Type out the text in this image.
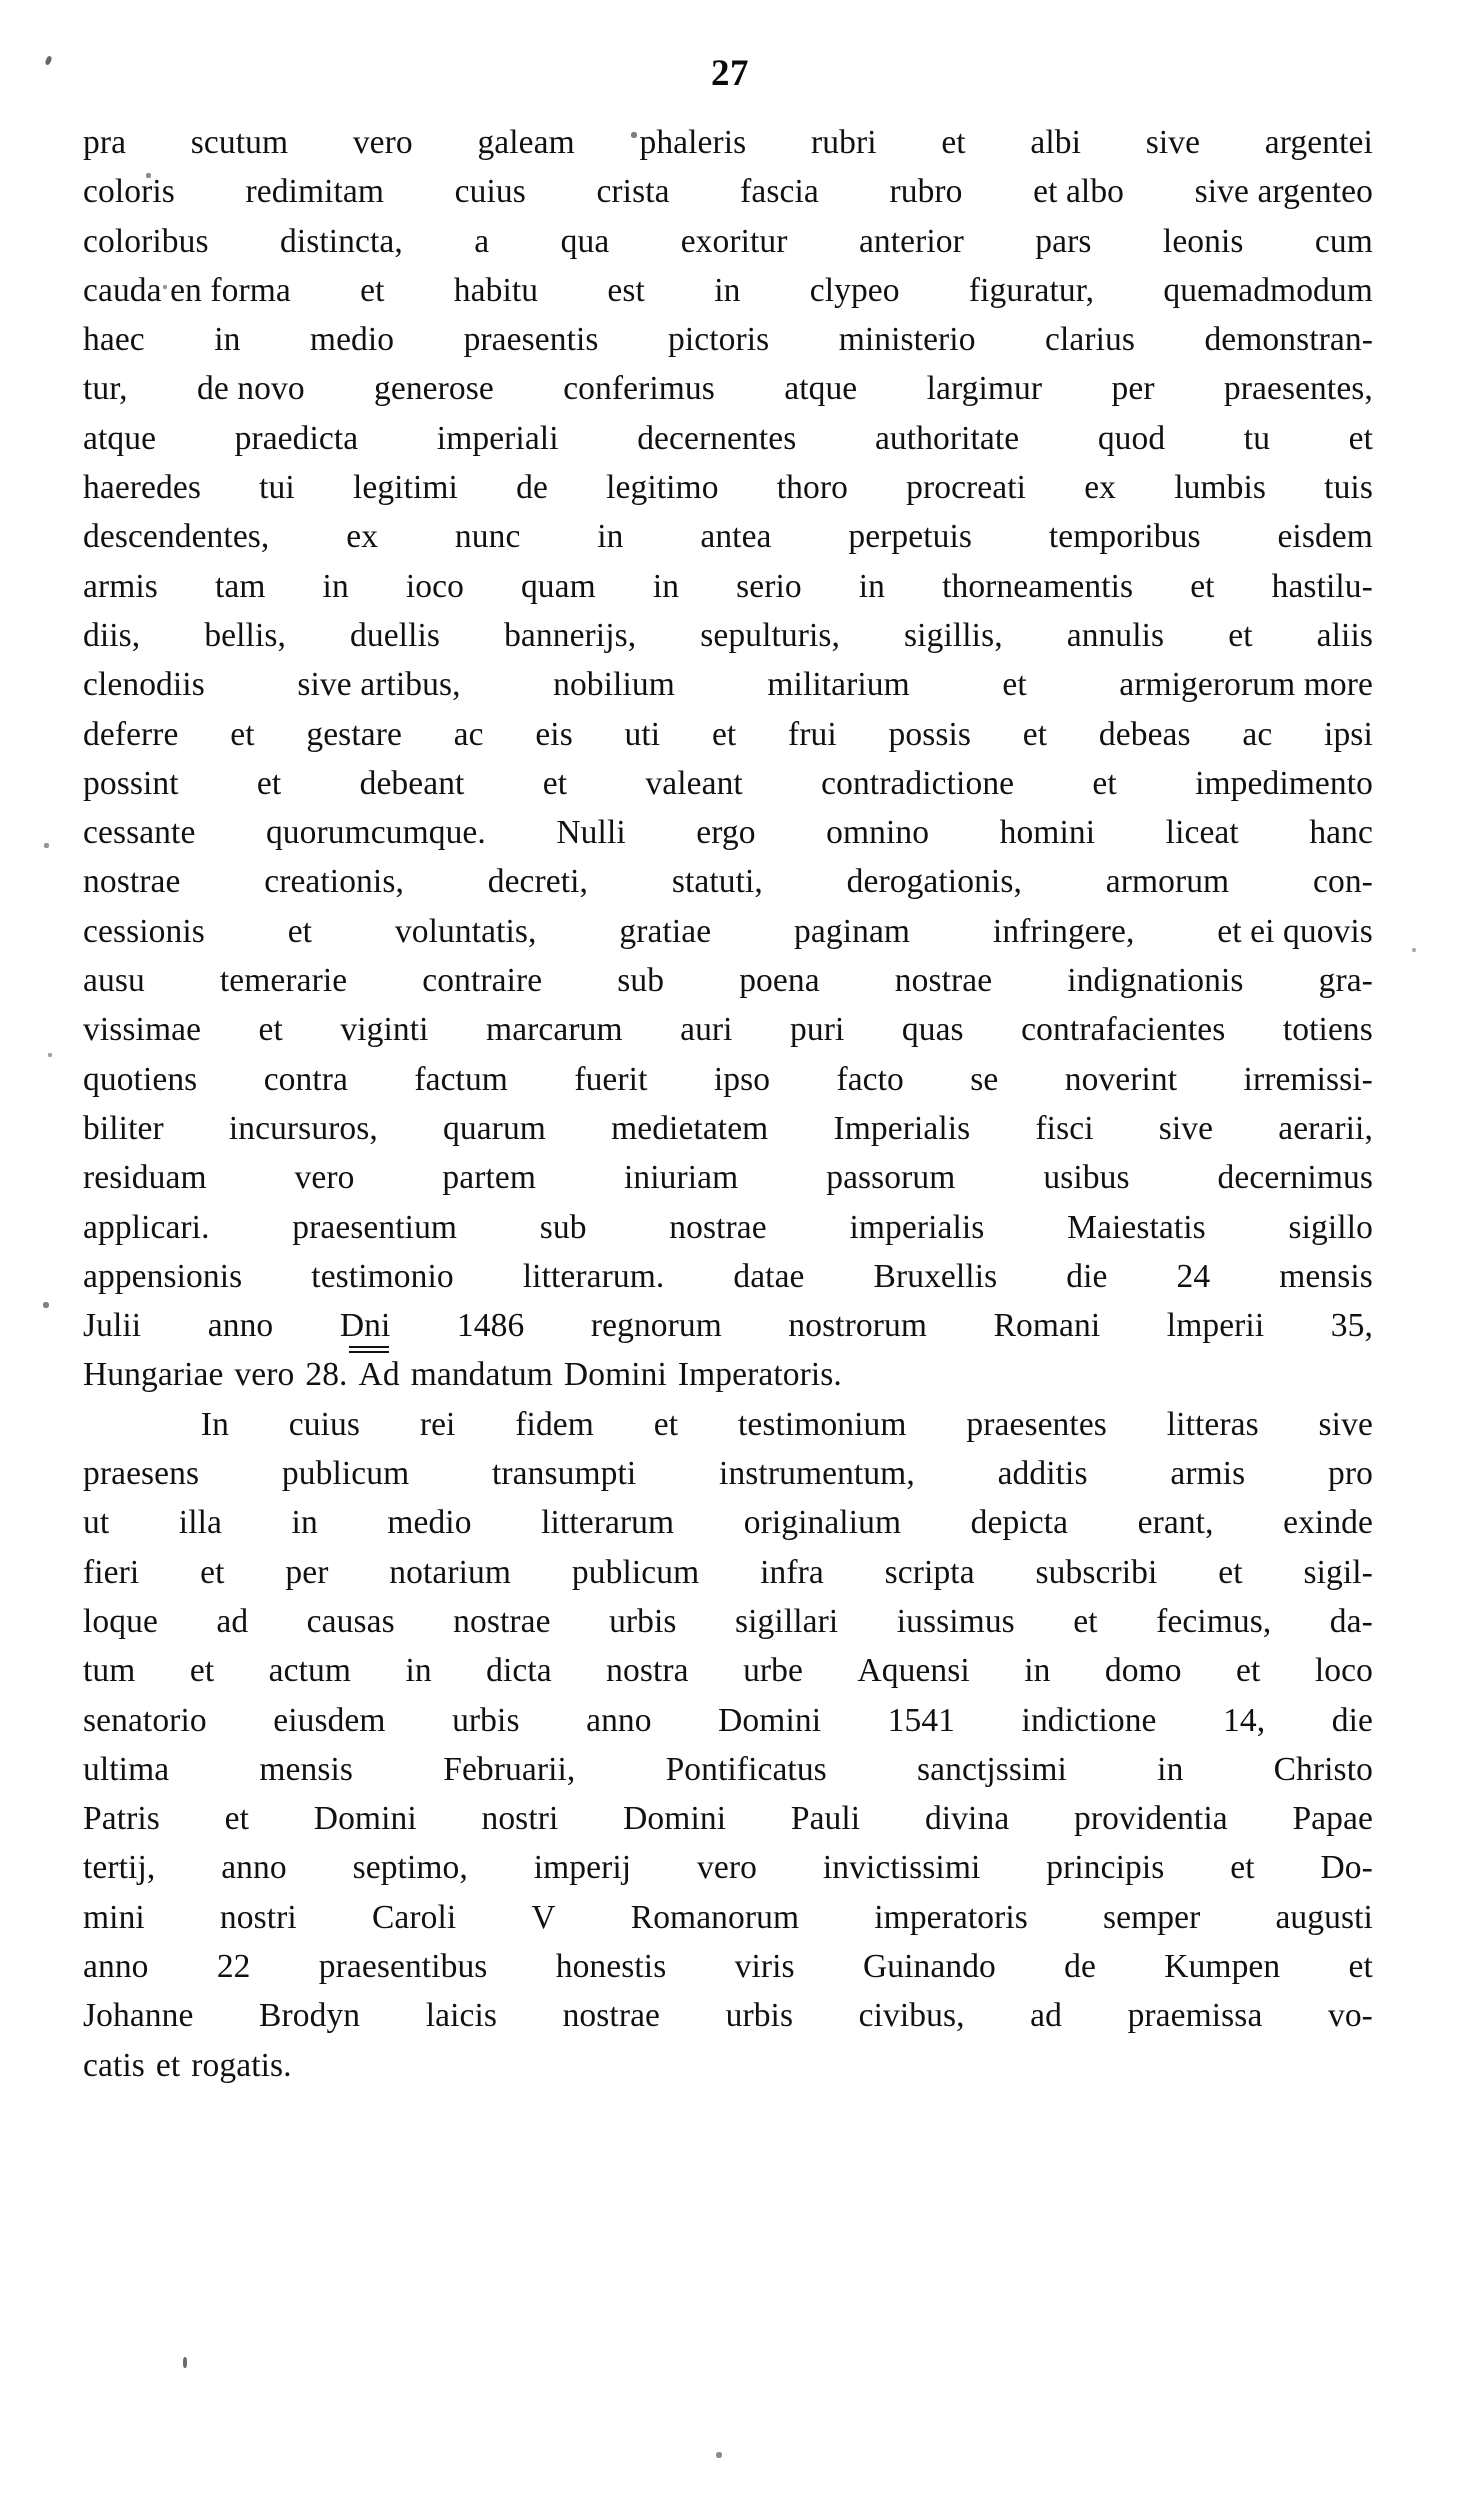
27
pra scutum vero galeam phaleris rubri et albi sive argentei
coloris redimitam cuius crista fascia rubro et albo sive argenteo
coloribus distincta, a qua exoritur anterior pars leonis cum
cauda en forma et habitu est in clypeo figuratur, quemadmodum
haec in medio praesentis pictoris ministerio clarius demonstran-
tur, de novo generose conferimus atque largimur per praesentes,
atque praedicta imperiali decernentes authoritate quod tu et
haeredes tui legitimi de legitimo thoro procreati ex lumbis tuis
descendentes, ex nunc in antea perpetuis temporibus eisdem
armis tam in ioco quam in serio in thorneamentis et hastilu-
diis, bellis, duellis bannerijs, sepulturis, sigillis, annulis et aliis
clenodiis	sive artibus,	nobilium	militarium	et	armigerorum more
deferre et gestare ac eis uti et frui possis et debeas ac ipsi
possint et debeant et valeant contradictione et impedimento
cessante quorumcumque. Nulli ergo omnino homini liceat hanc
nostrae	creationis,	decreti,	statuti,	derogationis,	armorum	con-
cessionis et voluntatis, gratiae paginam infringere, et ei quovis
ausu temerarie contraire sub poena nostrae indignationis gra-
vissimae et viginti marcarum auri puri quas contrafacientes totiens
quotiens contra factum fuerit ipso facto se noverint irremissi-
biliter incursuros, quarum medietatem Imperialis fisci sive aerarii,
residuam	vero	partem	iniuriam	passorum	usibus	decernimus
applicari. praesentium sub nostrae imperialis Maiestatis sigillo
appensionis testimonio litterarum. datae Bruxellis die 24 mensis
Julii anno Dni 1486 regnorum nostrorum Romani lmperii 35,
Hungariae vero 28. Ad mandatum Domini Imperatoris.
In cuius rei fidem et testimonium praesentes litteras sive
praesens publicum transumpti instrumentum, additis armis pro
ut illa in medio litterarum originalium depicta erant, exinde
fieri et per notarium publicum infra scripta subscribi et sigil-
loque ad causas nostrae urbis sigillari iussimus et fecimus, da-
tum et actum in dicta nostra urbe Aquensi in domo et loco
senatorio eiusdem urbis anno Domini 1541 indictione 14, die
ultima	mensis	Februarii,	Pontificatus	sanctjssimi	in	Christo
Patris et Domini nostri Domini Pauli divina providentia Papae
tertij, anno septimo, imperij vero invictissimi principis et Do-
mini nostri Caroli V Romanorum imperatoris semper augusti
anno 22 praesentibus honestis viris Guinando de Kumpen et
Johanne Brodyn laicis nostrae urbis civibus, ad praemissa vo-
catis et rogatis.
